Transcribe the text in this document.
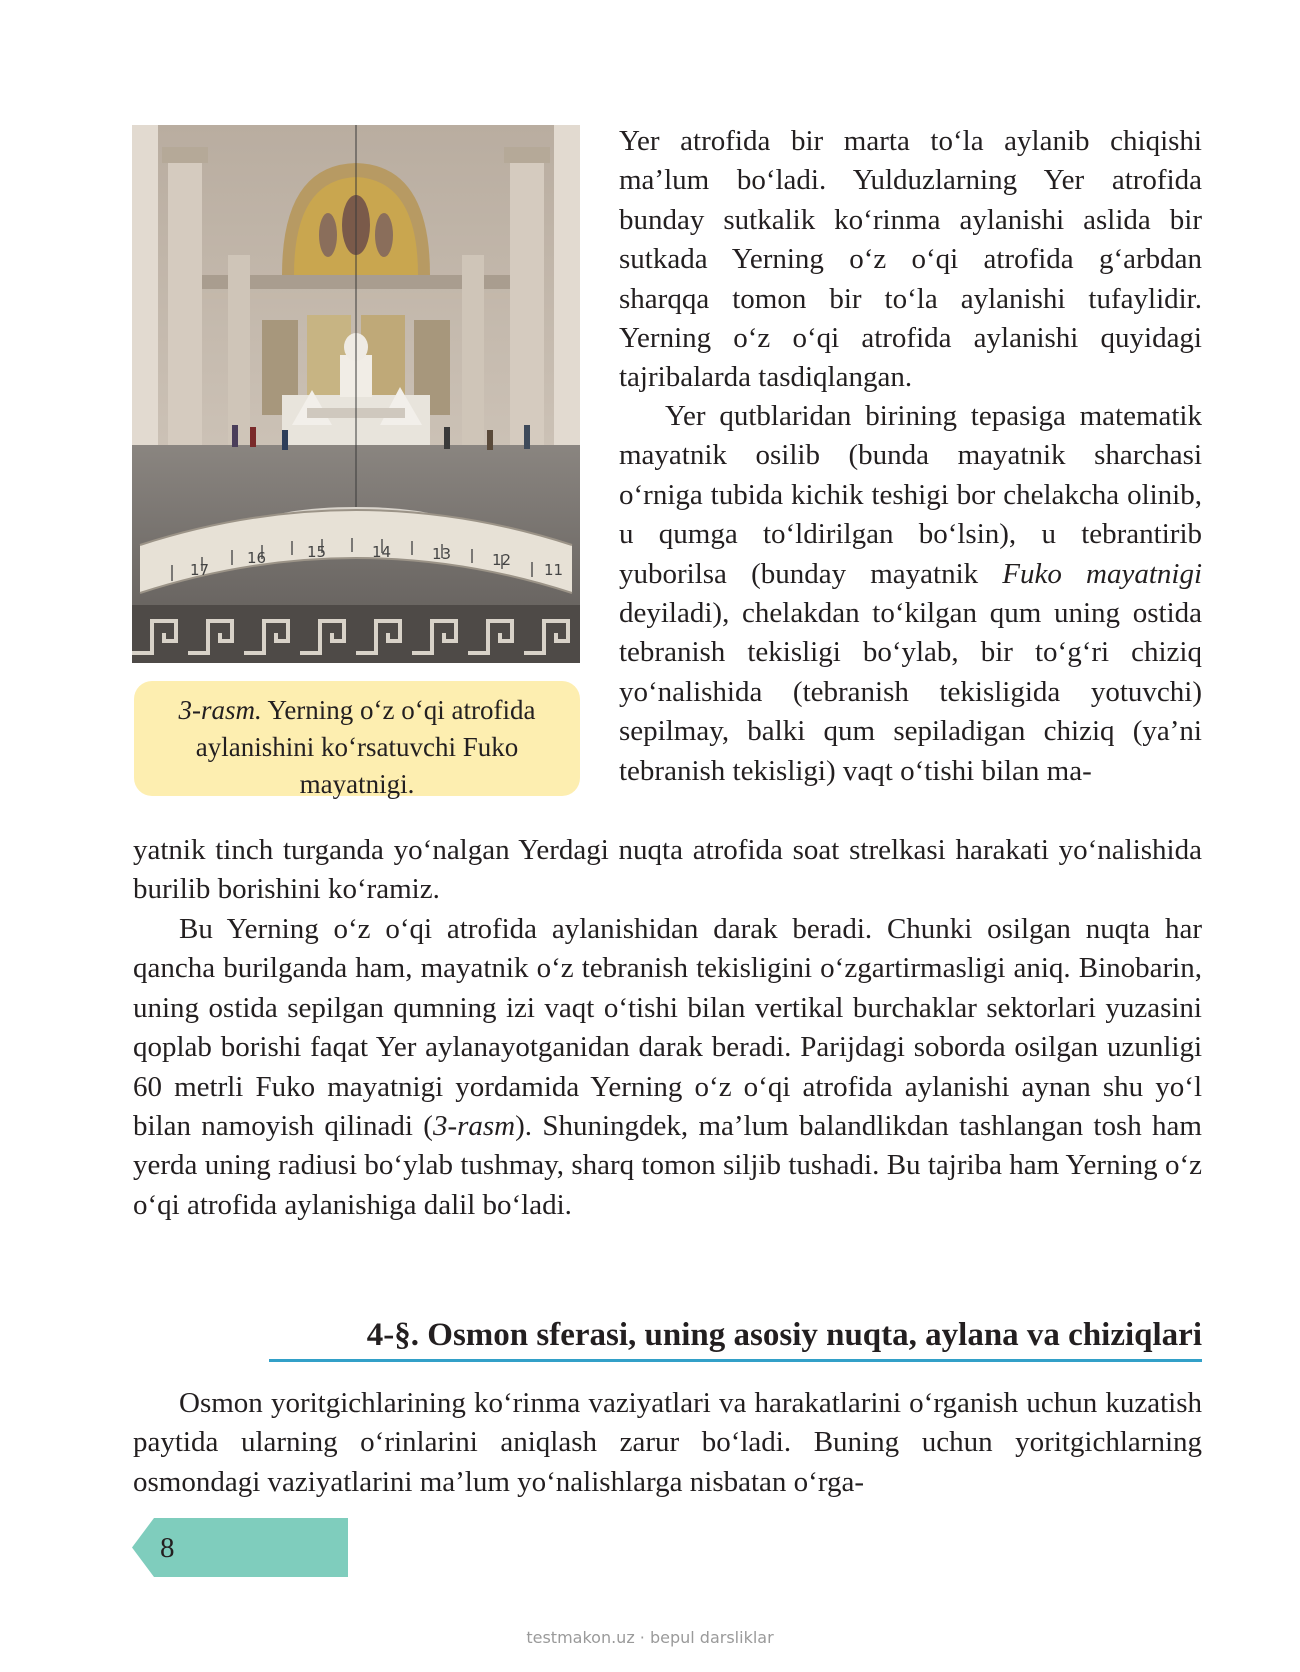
17
16	15	14	13	12
11
3-rasm. Yerning o‘z o‘qi atrofida aylanishini ko‘rsatuvchi Fuko mayatnigi.

Yer atrofida bir marta to‘la aylanib chiqishi ma’lum bo‘ladi. Yulduzlarning Yer atrofida bunday sutkalik ko‘rinma aylanishi aslida bir sutkada Yerning o‘z o‘qi atrofida g‘arbdan sharqqa tomon bir to‘la aylanishi tufaylidir. Yerning o‘z o‘qi atrofida aylanishi quyidagi tajribalarda tasdiqlangan.

Yer qutblaridan birining tepasiga matematik mayatnik osilib (bunda mayatnik sharchasi o‘rniga tubida kichik teshigi bor chelakcha olinib, u qumga to‘ldirilgan bo‘lsin), u tebrantirib yuborilsa (bunday mayatnik Fuko mayatnigi deyiladi), chelakdan to‘kilgan qum uning ostida tebranish tekisligi bo‘ylab, bir to‘g‘ri chiziq yo‘nalishida (tebranish tekisligida yotuvchi) sepilmay, balki qum sepiladigan chiziq (ya’ni tebranish tekisligi) vaqt o‘tishi bilan ma-

yatnik tinch turganda yo‘nalgan Yerdagi nuqta atrofida soat strelkasi harakati yo‘nalishida burilib borishini ko‘ramiz.

Bu Yerning o‘z o‘qi atrofida aylanishidan darak beradi. Chunki osilgan nuqta har qancha burilganda ham, mayatnik o‘z tebranish tekisligini o‘zgartirmasligi aniq. Binobarin, uning ostida sepilgan qumning izi vaqt o‘tishi bilan vertikal burchaklar sektorlari yuzasini qoplab borishi faqat Yer aylanayotganidan darak beradi. Parijdagi soborda osilgan uzunligi 60 metrli Fuko mayatnigi yordamida Yerning o‘z o‘qi atrofida aylanishi aynan shu yo‘l bilan namoyish qilinadi (3-rasm). Shuningdek, ma’lum balandlikdan tashlangan tosh ham yerda uning radiusi bo‘ylab tushmay, sharq tomon siljib tushadi. Bu tajriba ham Yerning o‘z o‘qi atrofida aylanishiga dalil bo‘ladi.

4-§. Osmon sferasi, uning asosiy nuqta, aylana va chiziqlari

Osmon yoritgichlarining ko‘rinma vaziyatlari va harakatlarini o‘rganish uchun kuzatish paytida ularning o‘rinlarini aniqlash zarur bo‘ladi. Buning uchun yoritgichlarning osmondagi vaziyatlarini ma’lum yo‘nalishlarga nisbatan o‘rga-

8
testmakon.uz · bepul darsliklar
